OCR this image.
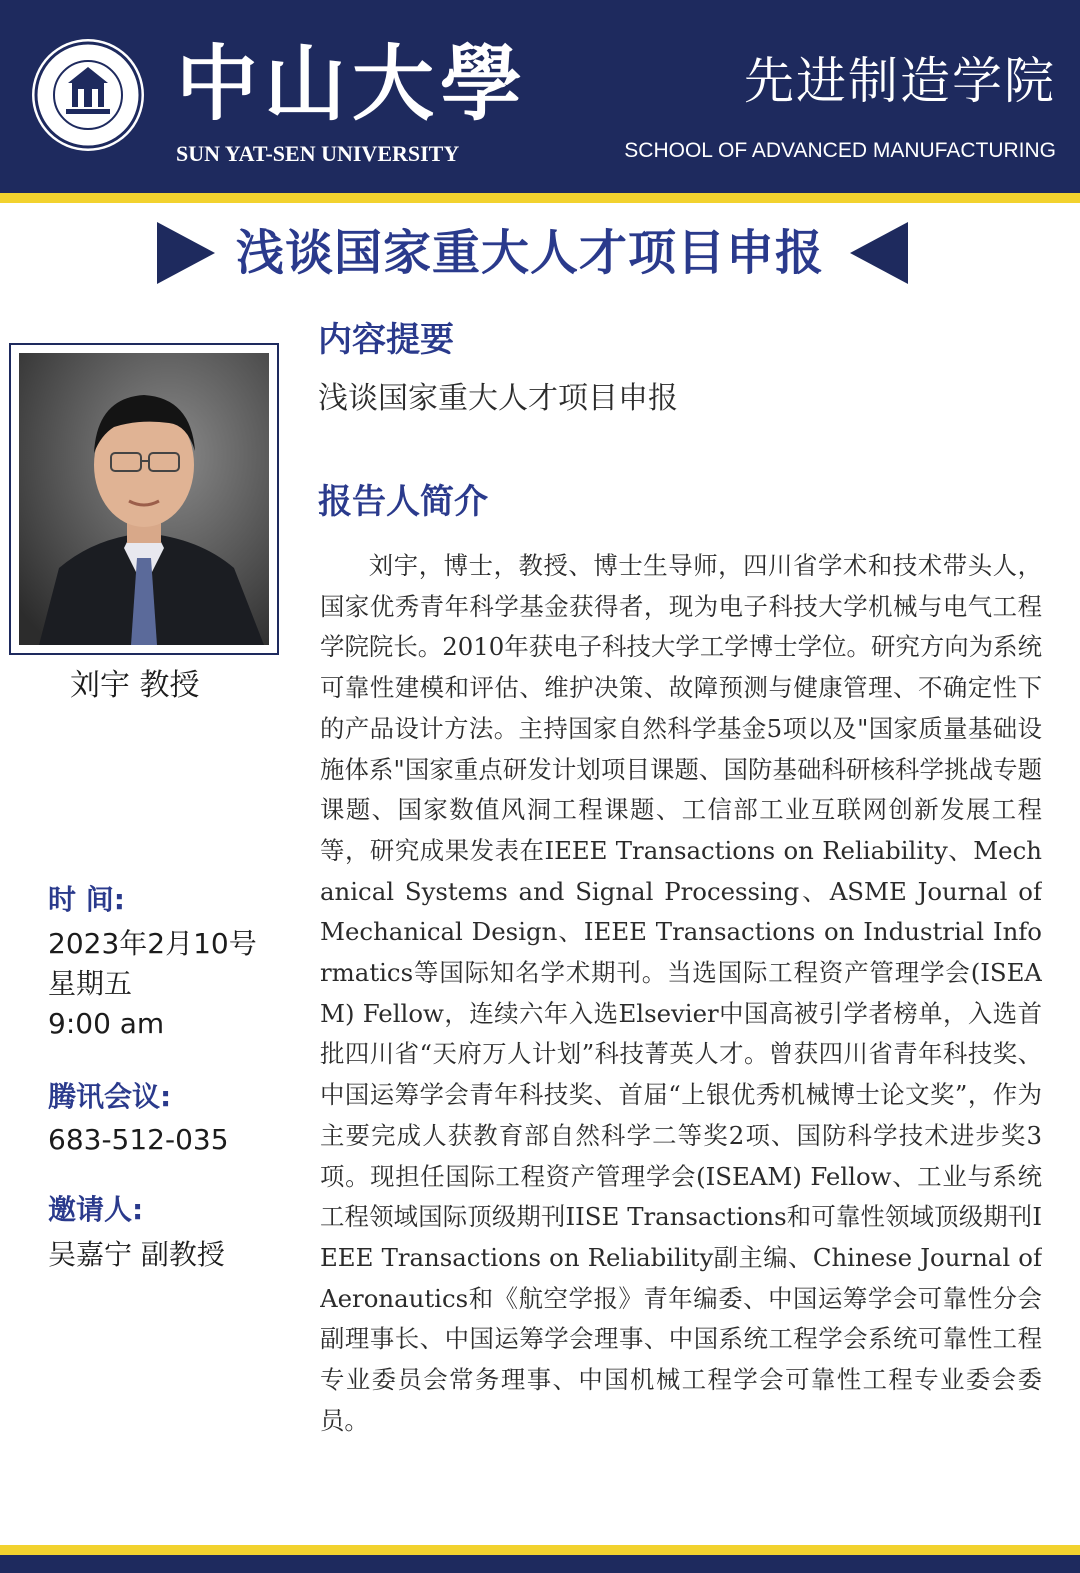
中山大學
SUN YAT-SEN UNIVERSITY
先进制造学院
SCHOOL OF ADVANCED MANUFACTURING
浅谈国家重大人才项目申报
刘宇 教授
时 间:
2023年2月10号
星期五
9:00 am
腾讯会议:
683-512-035
邀请人:
吴嘉宁 副教授
内容提要
浅谈国家重大人才项目申报
报告人简介

刘宇，博士，教授、博士生导师，四川省学术和技术带头人，国家优秀青年科学基金获得者，现为电子科技大学机械与电气工程学院院长。2010年获电子科技大学工学博士学位。研究方向为系统可靠性建模和评估、维护决策、故障预测与健康管理、不确定性下的产品设计方法。主持国家自然科学基金5项以及"国家质量基础设施体系"国家重点研发计划项目课题、国防基础科研核科学挑战专题课题、国家数值风洞工程课题、工信部工业互联网创新发展工程等，研究成果发表在IEEE Transactions on Reliability、Mechanical Systems and Signal Processing、ASME Journal of Mechanical Design、IEEE Transactions on Industrial Informatics等国际知名学术期刊。当选国际工程资产管理学会(ISEAM) Fellow，连续六年入选Elsevier中国高被引学者榜单，入选首批四川省“天府万人计划”科技菁英人才。曾获四川省青年科技奖、中国运筹学会青年科技奖、首届“上银优秀机械博士论文奖”，作为主要完成人获教育部自然科学二等奖2项、国防科学技术进步奖3项。现担任国际工程资产管理学会(ISEAM) Fellow、工业与系统工程领域国际顶级期刊IISE Transactions和可靠性领域顶级期刊IEEE Transactions on Reliability副主编、Chinese Journal of Aeronautics和《航空学报》青年编委、中国运筹学会可靠性分会副理事长、中国运筹学会理事、中国系统工程学会系统可靠性工程专业委员会常务理事、中国机械工程学会可靠性工程专业委会委员。
